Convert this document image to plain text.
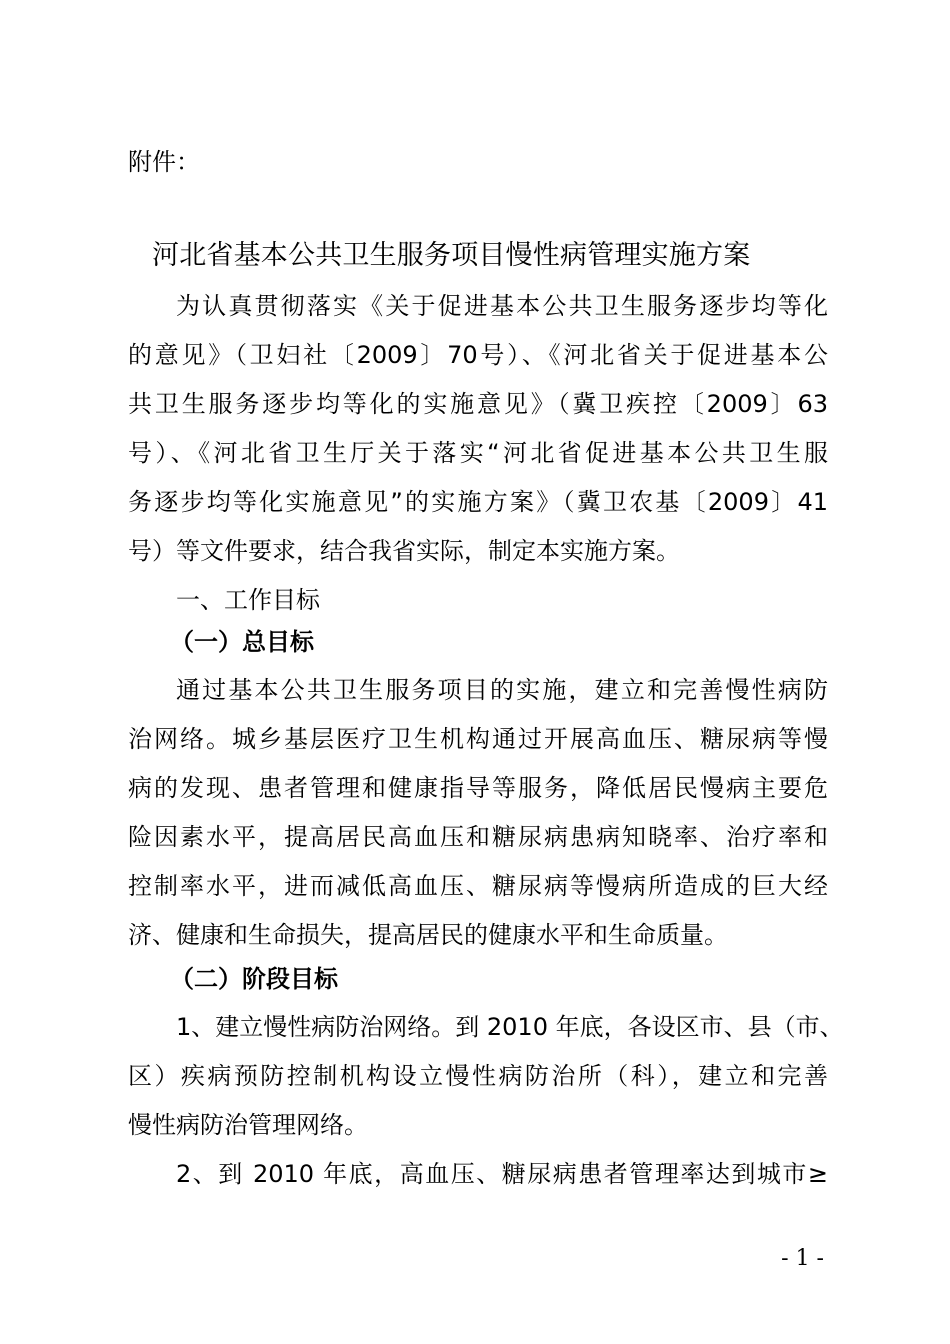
附件：
河北省基本公共卫生服务项目慢性病管理实施方案
为认真贯彻落实《关于促进基本公共卫生服务逐步均等化
的意见》（卫妇社〔2009〕70号）、《河北省关于促进基本公
共卫生服务逐步均等化的实施意见》（冀卫疾控〔2009〕63
号）、《河北省卫生厅关于落实“河北省促进基本公共卫生服
务逐步均等化实施意见”的实施方案》（冀卫农基〔2009〕41
号）等文件要求，结合我省实际，制定本实施方案。
一、工作目标
（一）总目标
通过基本公共卫生服务项目的实施，建立和完善慢性病防
治网络。城乡基层医疗卫生机构通过开展高血压、糖尿病等慢
病的发现、患者管理和健康指导等服务，降低居民慢病主要危
险因素水平，提高居民高血压和糖尿病患病知晓率、治疗率和
控制率水平，进而减低高血压、糖尿病等慢病所造成的巨大经
济、健康和生命损失，提高居民的健康水平和生命质量。
（二）阶段目标
1、建立慢性病防治网络。到 2010 年底，各设区市、县（市、
区）疾病预防控制机构设立慢性病防治所（科），建立和完善
慢性病防治管理网络。
2、到 2010 年底，高血压、糖尿病患者管理率达到城市≥
- 1 -
